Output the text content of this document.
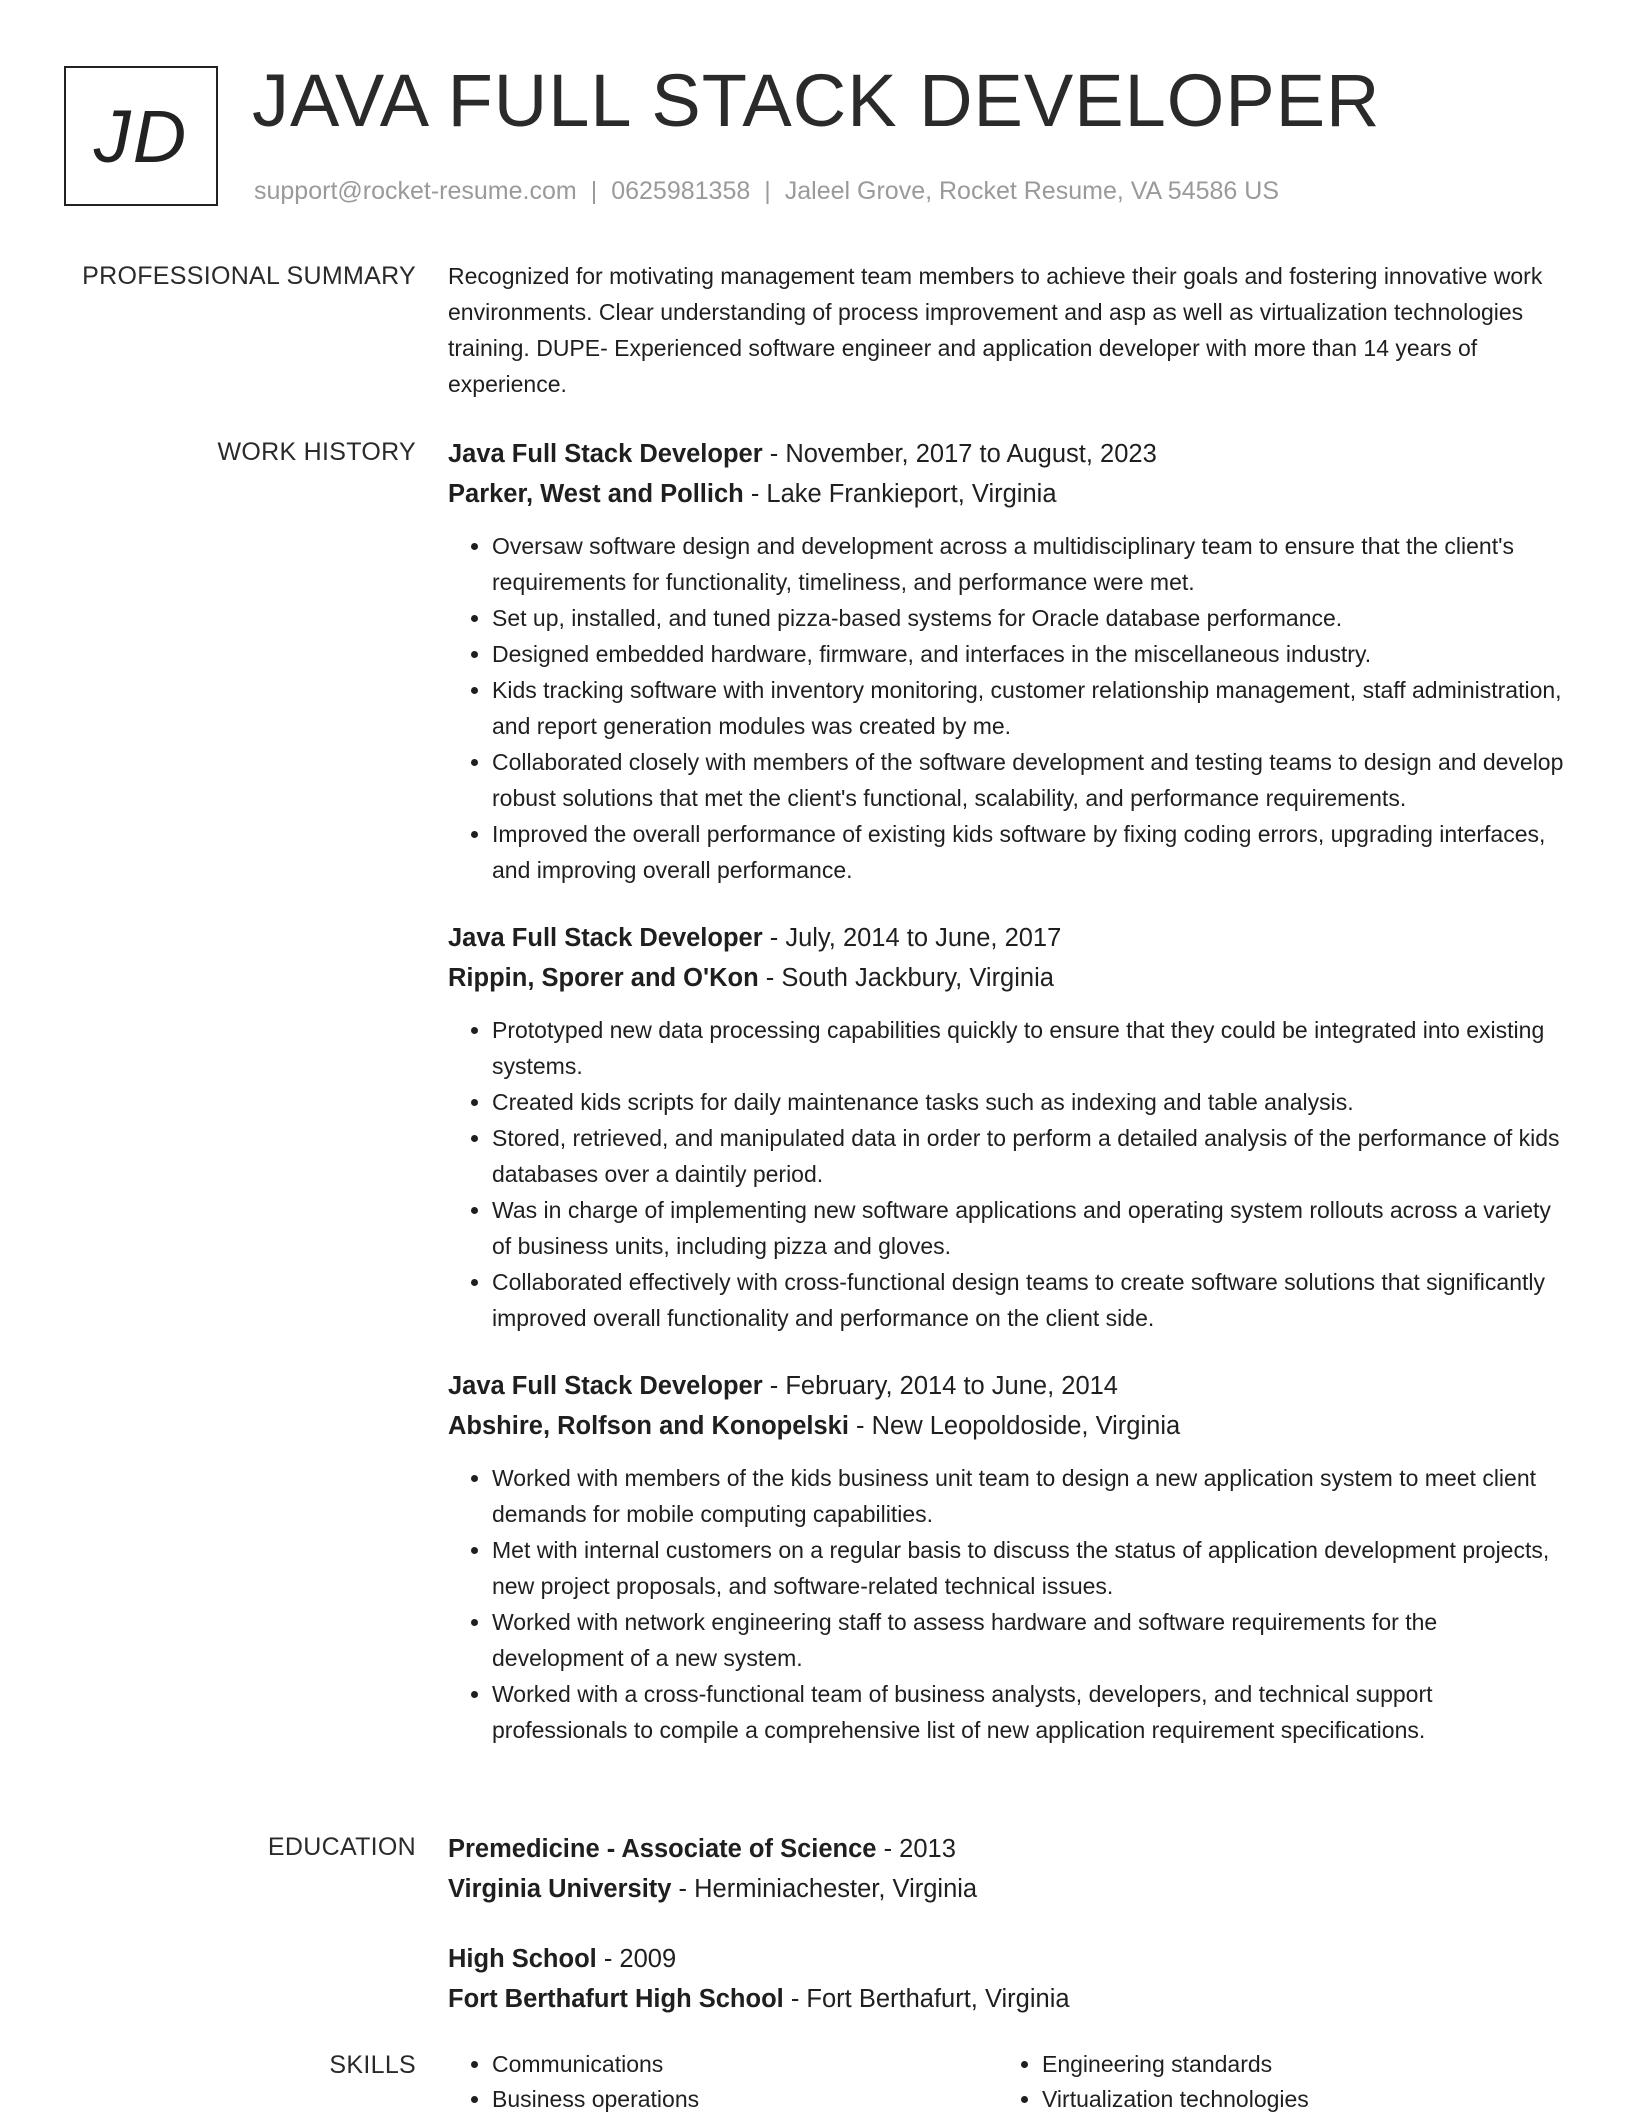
JD JAVA FULL STACK DEVELOPER
support@rocket-resume.com | 0625981358 | Jaleel Grove, Rocket Resume, VA 54586 US
PROFESSIONAL SUMMARY Recognized for motivating management team members to achieve their goals and fostering innovative work environments. Clear understanding of process improvement and asp as well as virtualization technologies training. DUPE- Experienced software engineer and application developer with more than 14 years of experience.

WORK HISTORY Java Full Stack Developer - November, 2017 to August, 2023
Parker, West and Pollich - Lake Frankieport, Virginia
• Oversaw software design and development across a multidisciplinary team to ensure that the client's requirements for functionality, timeliness, and performance were met.
• Set up, installed, and tuned pizza-based systems for Oracle database performance.
• Designed embedded hardware, firmware, and interfaces in the miscellaneous industry.
• Kids tracking software with inventory monitoring, customer relationship management, staff administration, and report generation modules was created by me.
• Collaborated closely with members of the software development and testing teams to design and develop robust solutions that met the client's functional, scalability, and performance requirements.
• Improved the overall performance of existing kids software by fixing coding errors, upgrading interfaces, and improving overall performance.
Java Full Stack Developer - July, 2014 to June, 2017
Rippin, Sporer and O'Kon - South Jackbury, Virginia
• Prototyped new data processing capabilities quickly to ensure that they could be integrated into existing systems.
• Created kids scripts for daily maintenance tasks such as indexing and table analysis.
• Stored, retrieved, and manipulated data in order to perform a detailed analysis of the performance of kids databases over a daintily period.
• Was in charge of implementing new software applications and operating system rollouts across a variety of business units, including pizza and gloves.
• Collaborated effectively with cross-functional design teams to create software solutions that significantly improved overall functionality and performance on the client side.
Java Full Stack Developer - February, 2014 to June, 2014
Abshire, Rolfson and Konopelski - New Leopoldoside, Virginia
• Worked with members of the kids business unit team to design a new application system to meet client demands for mobile computing capabilities.
• Met with internal customers on a regular basis to discuss the status of application development projects, new project proposals, and software-related technical issues.
• Worked with network engineering staff to assess hardware and software requirements for the development of a new system.
• Worked with a cross-functional team of business analysts, developers, and technical support professionals to compile a comprehensive list of new application requirement specifications.
EDUCATION Premedicine - Associate of Science - 2013
Virginia University - Herminiachester, Virginia
High School - 2009
Fort Berthafurt High School - Fort Berthafurt, Virginia
SKILLS
•	Communications
• Business operations
• Engineering standards
• Virtualization technologies
